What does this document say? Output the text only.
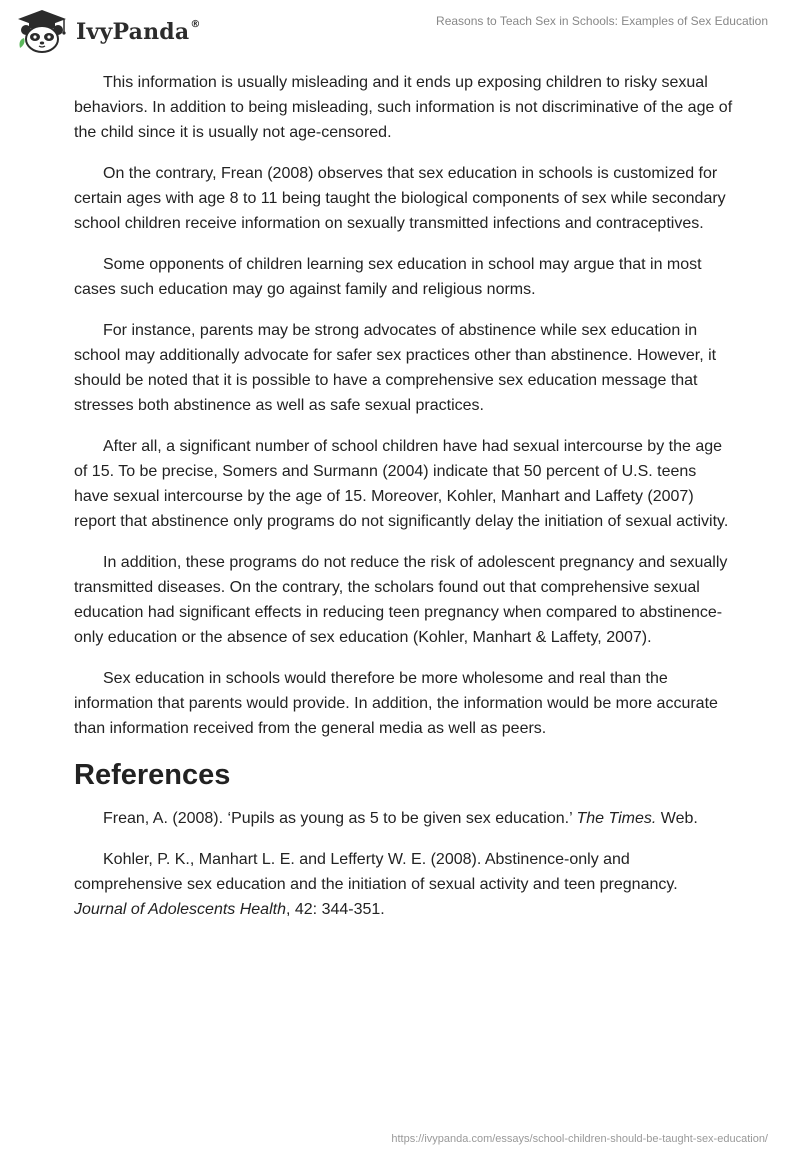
IvyPanda®	Reasons to Teach Sex in Schools: Examples of Sex Education

This information is usually misleading and it ends up exposing children to risky sexual behaviors. In addition to being misleading, such information is not discriminative of the age of the child since it is usually not age-censored.

On the contrary, Frean (2008) observes that sex education in schools is customized for certain ages with age 8 to 11 being taught the biological components of sex while secondary school children receive information on sexually transmitted infections and contraceptives.

Some opponents of children learning sex education in school may argue that in most cases such education may go against family and religious norms.

For instance, parents may be strong advocates of abstinence while sex education in school may additionally advocate for safer sex practices other than abstinence. However, it should be noted that it is possible to have a comprehensive sex education message that stresses both abstinence as well as safe sexual practices.

After all, a significant number of school children have had sexual intercourse by the age of 15. To be precise, Somers and Surmann (2004) indicate that 50 percent of U.S. teens have sexual intercourse by the age of 15. Moreover, Kohler, Manhart and Laffety (2007) report that abstinence only programs do not significantly delay the initiation of sexual activity.

In addition, these programs do not reduce the risk of adolescent pregnancy and sexually transmitted diseases. On the contrary, the scholars found out that comprehensive sexual education had significant effects in reducing teen pregnancy when compared to abstinence-only education or the absence of sex education (Kohler, Manhart & Laffety, 2007).

Sex education in schools would therefore be more wholesome and real than the information that parents would provide. In addition, the information would be more accurate than information received from the general media as well as peers.

References

Frean, A. (2008). ‘Pupils as young as 5 to be given sex education.’ The Times. Web.

Kohler, P. K., Manhart L. E. and Lefferty W. E. (2008). Abstinence-only and comprehensive sex education and the initiation of sexual activity and teen pregnancy. Journal of Adolescents Health, 42: 344-351.

https://ivypanda.com/essays/school-children-should-be-taught-sex-education/
